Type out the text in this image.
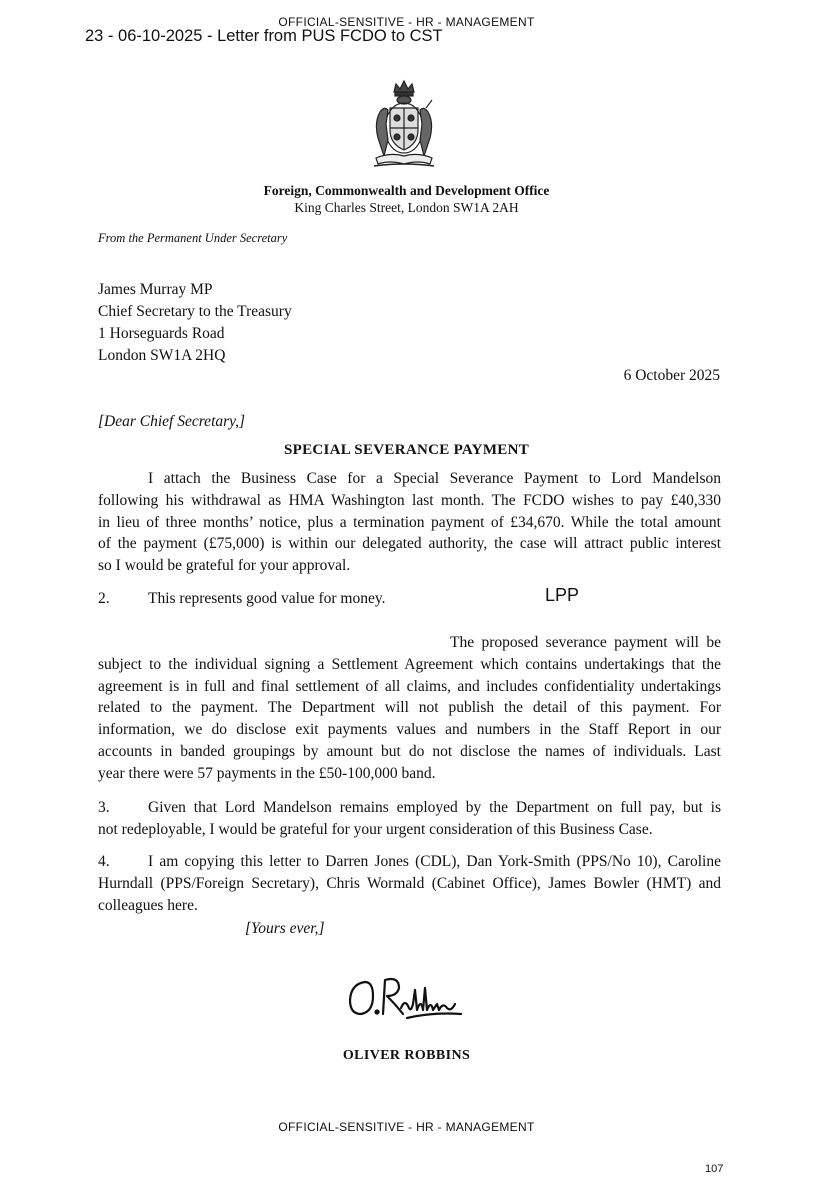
OFFICIAL-SENSITIVE - HR - MANAGEMENT
23 - 06-10-2025 - Letter from PUS FCDO to CST
Foreign, Commonwealth and Development Office
King Charles Street, London SW1A 2AH
From the Permanent Under Secretary
James Murray MP
Chief Secretary to the Treasury
1 Horseguards Road
London SW1A 2HQ
6 October 2025
[Dear Chief Secretary,]
SPECIAL SEVERANCE PAYMENT
I attach the Business Case for a Special Severance Payment to Lord Mandelson
following his withdrawal as HMA Washington last month. The FCDO wishes to pay £40,330
in lieu of three months’ notice, plus a termination payment of £34,670. While the total amount
of the payment (£75,000) is within our delegated authority, the case will attract public interest
so I would be grateful for your approval.
2. This represents good value for money.	LPP
The proposed severance payment will be
subject to the individual signing a Settlement Agreement which contains undertakings that the
agreement is in full and final settlement of all claims, and includes confidentiality undertakings
related to the payment. The Department will not publish the detail of this payment. For
information, we do disclose exit payments values and numbers in the Staff Report in our
accounts in banded groupings by amount but do not disclose the names of individuals. Last
year there were 57 payments in the £50-100,000 band.
3. Given that Lord Mandelson remains employed by the Department on full pay, but is
not redeployable, I would be grateful for your urgent consideration of this Business Case.
4. I am copying this letter to Darren Jones (CDL), Dan York-Smith (PPS/No 10), Caroline
Hurndall (PPS/Foreign Secretary), Chris Wormald (Cabinet Office), James Bowler (HMT) and
colleagues here.
[Yours ever,]
OLIVER ROBBINS
OFFICIAL-SENSITIVE - HR - MANAGEMENT
107
